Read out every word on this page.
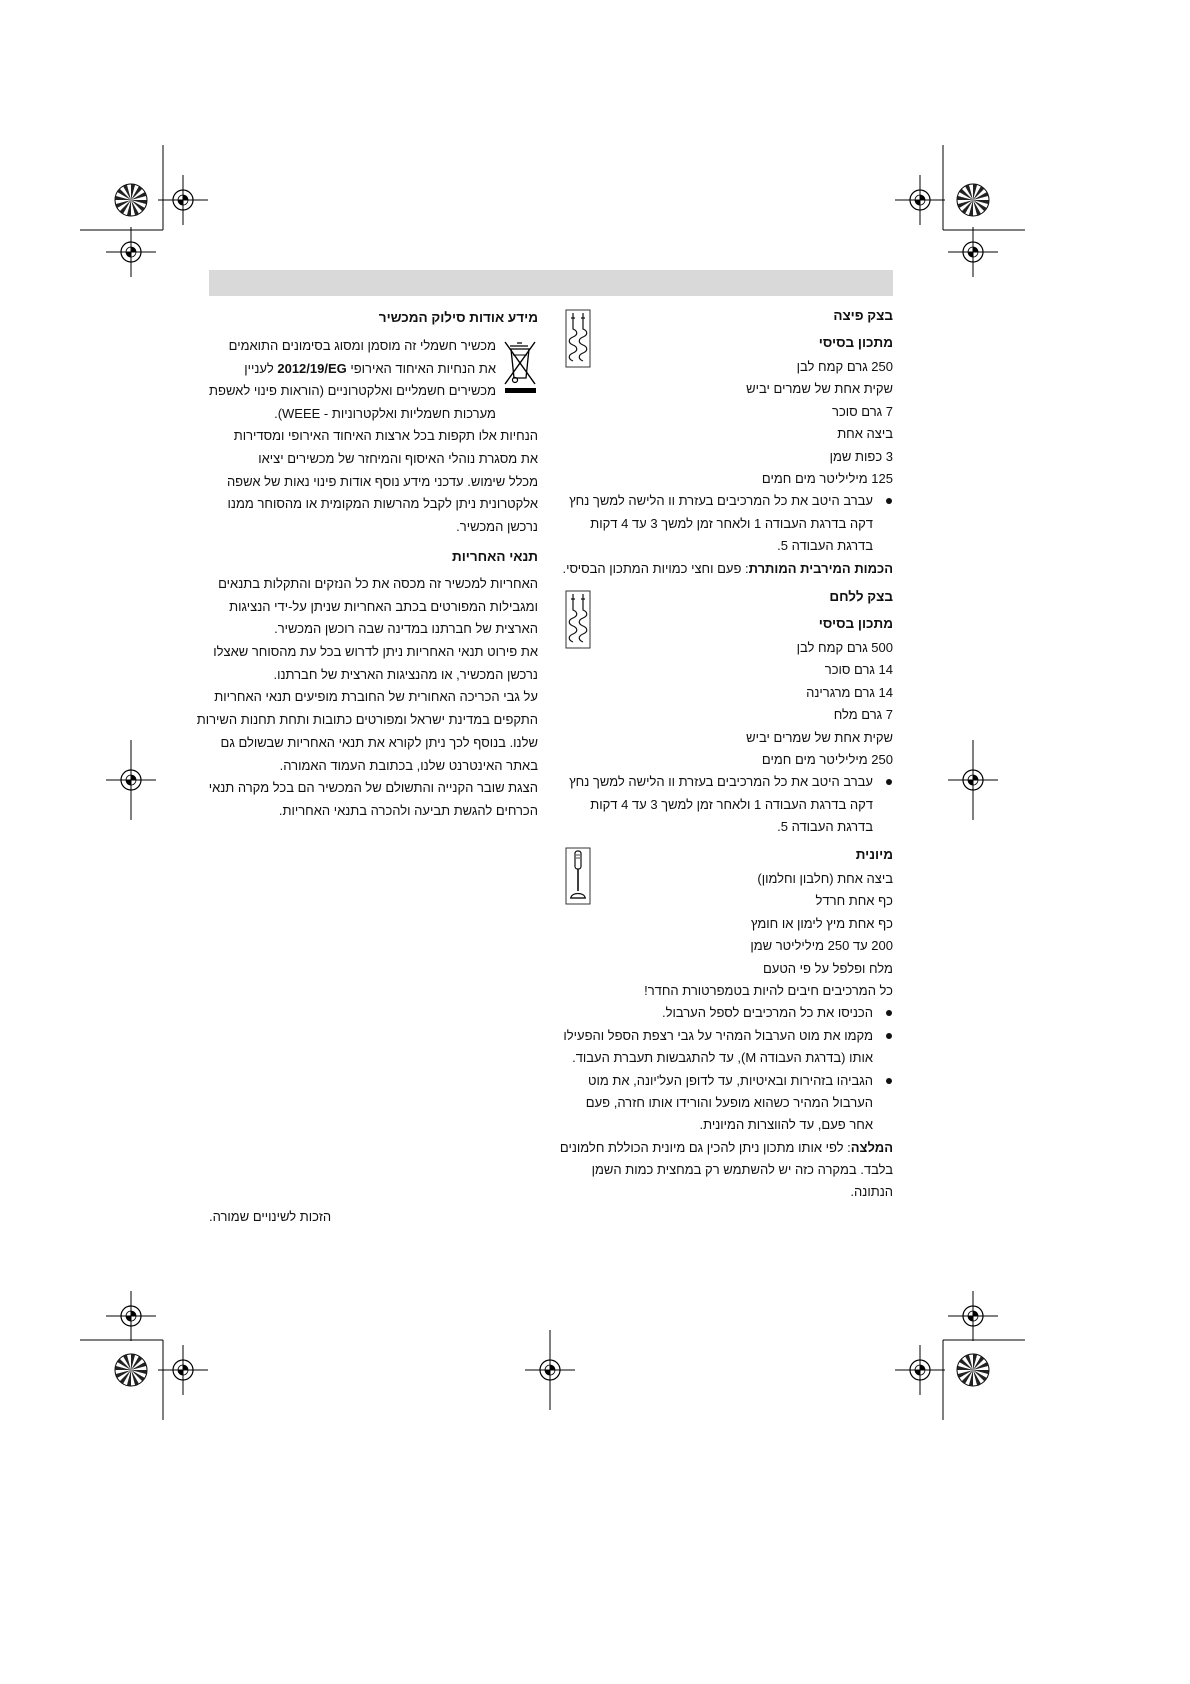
רישכמה קוליס תודוא עדימ
םימאותה םינומיסב גוסמו ןמסומ הז ילמשח רישכמ
ןיינעל 2012/19/EG יפוריאה דוחיאה תויחנה תא
תפשאל יוניפ תוארוה) םיינורטקלאו םיילמשח םירישכמ
.(WEEE - תוינורטקלאו תוילמשח תוכרעמ
תורידסמו יפוריאה דוחיאה תוצרא לכב תופקת ולא תויחנה
ואיצי םירישכמ לש רזחימהו ףוסיאה ילהונ תרגסמ תא
הפשא לש תואנ יוניפ תודוא ףסונ עדימ ינכדע .שומיש ללכמ
ונממ רחוסהמ וא תימוקמה תושרהמ לבקל ןתינ תינורטקלא
.רישכמה ןשכרנ
תוירחאה יאנת
םיאנתב תולקתהו םיקזנה לכ תא הסכמ הז רישכמל תוירחאה
תוגיצנה ידי-לע ןתינש תוירחאה בתכב םיטרופמה תוליבגמו
.רישכמה ןשכור הבש הנידמב ונתרבח לש תיצראה
ולצאש רחוסהמ תע לכב שורדל ןתינ תוירחאה יאנת טוריפ תא
.ונתרבח לש תיצראה תוגיצנהמ וא ,רישכמה ןשכרנ
תוירחאה יאנת םיעיפומ תרבוחה לש תירוחאה הכירכה יבג לע
תורישה תונחת תחתו תובותכ םיטרופמו לארשי תנידמב םיפקתה
םג םלושבש תוירחאה יאנת תא ארוקל ןתינ ךכל ףסונב .ונלש
.הרומאה דומעה תבותכב ,ונלש טנרטניאה רתאב
יאנת הרקמ לכב םה רישכמה לש םלושתהו היינקה רבוש תגצה
.תוירחאה יאנתב הרכהלו העיבת תשגהל םיחרכה
.הרומש םייונישל תוכזה
הציפ קצב
יסיסב ןוכתמ
ןבל חמק םרג 250
שיבי םירמש לש תחא תיקש
רכוס םרג 7
תחא הציב
ןמש תופכ 3
םימח םימ רטילילימ 125
ץחנ ךשמל השילה וו תרזעב םיביכרמה לכ תא בטיה ברבע
תוקד 4 דע 3 ךשמל ןמז רחאלו 1 הדובעה תגרדב הקד
.5 הדובעה תגרדב
.יסיסבה ןוכתמה תויומכ יצחו םעפ :תרתומה תיברימה תומכה
םחלל קצב
יסיסב ןוכתמ
ןבל חמק םרג 500
רכוס םרג 14
הנירגרמ םרג 14
חלמ םרג 7
שיבי םירמש לש תחא תיקש
םימח םימ רטילילימ 250
ץחנ ךשמל השילה וו תרזעב םיביכרמה לכ תא בטיה ברבע
תוקד 4 דע 3 ךשמל ןמז רחאלו 1 הדובעה תגרדב הקד
.5 הדובעה תגרדב
תינוימ
(ןומלחו ןובלח) תחא הציב
לדרח תחא ףכ
ץמוח וא ןומיל ץימ תחא ףכ
ןמש רטילילימ 250 דע 200
םעטה יפ לע לפלפו חלמ
!רדחה תרוטרפמטב תויהל םיביח םיביכרמה לכ
.לוברעה לפסל םיביכרמה לכ תא וסינכה
וליעפהו לפסה תפצר יבג לע ריהמה לוברעה טומ תא ומקמ
.דובעה תרבעת תושבגתהל דע ,(M הדובעה תגרדב) ותוא
טומ תא ,הנוי'לעה ןפודל דע ,תויטיאבו תוריהזב והיבגה
םעפ ,הרזח ותוא ודירוהו לעפומ אוהשכ ריהמה לוברעה
.תינוימה תורצווהל דע ,םעפ רחא
םינומלח תללוכה תינוימ םג ןיכהל ןתינ ןוכתמ ותוא יפל :הצלמה
ןמשה תומכ תיצחמב קר שמתשהל שי הזכ הרקמב .דבלב
.הנותנה
